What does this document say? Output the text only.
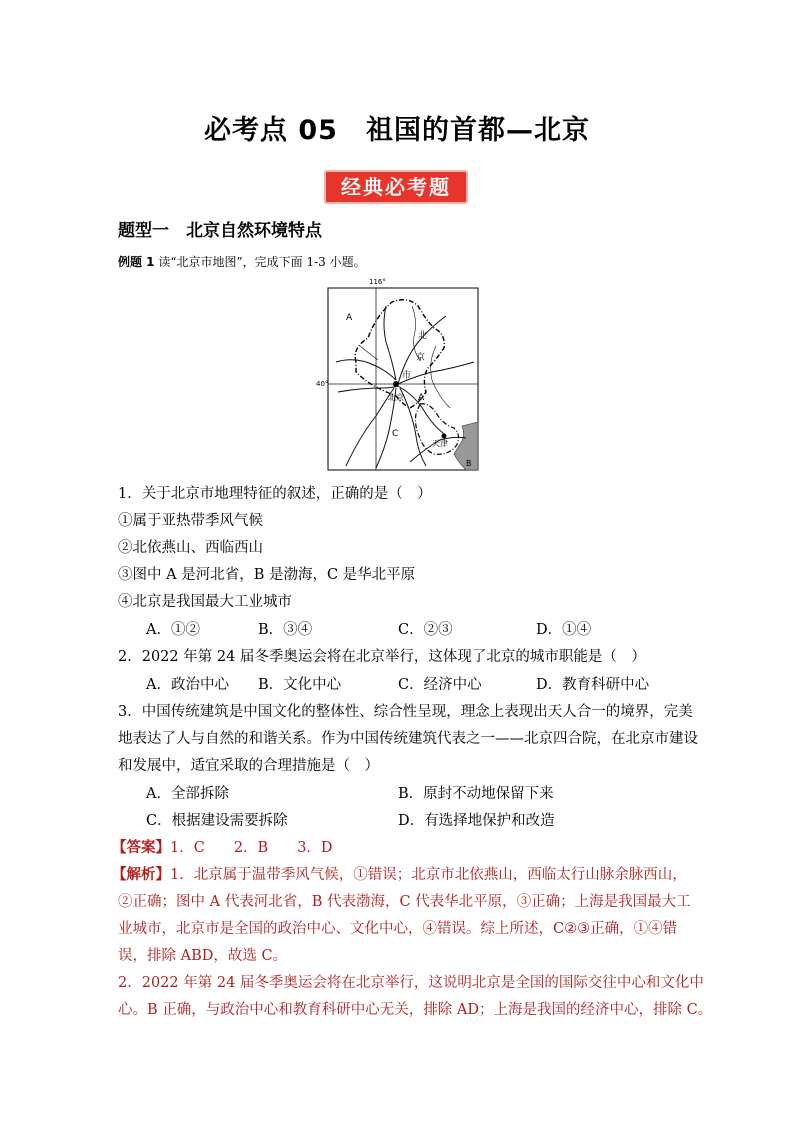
必考点 05　祖国的首都—北京
经典必考题
题型一　北京自然环境特点
例题 1 读“北京市地图”，完成下面 1-3 小题。
116°
40°
A
北
京
市
北京 A
天津
C
B
1．关于北京市地理特征的叙述，正确的是（　）
①属于亚热带季风气候
②北依燕山、西临西山
③图中 A 是河北省，B 是渤海，C 是华北平原
④北京是我国最大工业城市
A．①②	B．③④	C．②③	D．①④
2．2022 年第 24 届冬季奥运会将在北京举行，这体现了北京的城市职能是（　）
A．政治中心 B．文化中心	C．经济中心	D．教育科研中心
3．中国传统建筑是中国文化的整体性、综合性呈现，理念上表现出天人合一的境界，完美
地表达了人与自然的和谐关系。作为中国传统建筑代表之一——北京四合院，在北京市建设
和发展中，适宜采取的合理措施是（　）
A．全部拆除	B．原封不动地保留下来
C．根据建设需要拆除	D．有选择地保护和改造
【答案】1．C　　2．B　　3．D
【解析】1．北京属于温带季风气候，①错误；北京市北依燕山，西临太行山脉余脉西山，
②正确；图中 A 代表河北省，B 代表渤海，C 代表华北平原，③正确；上海是我国最大工
业城市，北京市是全国的政治中心、文化中心，④错误。综上所述，C②③正确，①④错
误，排除 ABD，故选 C。
2．2022 年第 24 届冬季奥运会将在北京举行，这说明北京是全国的国际交往中心和文化中
心。B 正确，与政治中心和教育科研中心无关，排除 AD；上海是我国的经济中心，排除 C。
